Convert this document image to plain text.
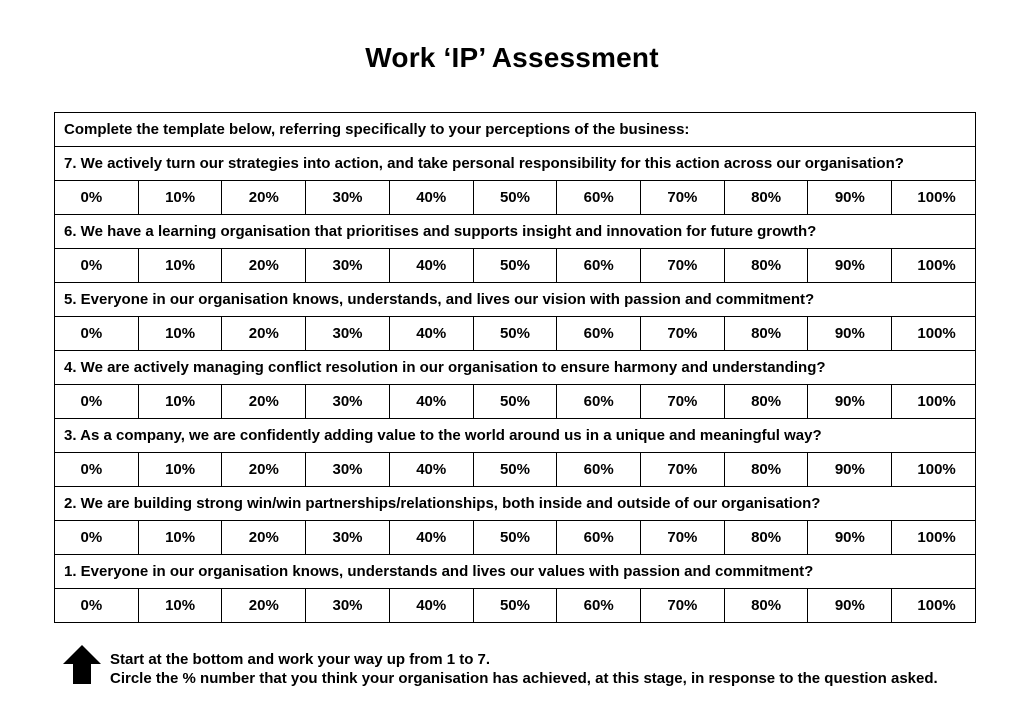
Work ‘IP’ Assessment
Complete the template below, referring specifically to your perceptions of the business:										
7. We actively turn our strategies into action, and take personal responsibility for this action across our organisation?										
0%	10%	20%	30%	40%	50%	60%	70%	80%	90%	100%
6. We have a learning organisation that prioritises and supports insight and innovation for future growth?										
0%	10%	20%	30%	40%	50%	60%	70%	80%	90%	100%
5. Everyone in our organisation knows, understands, and lives our vision with passion and commitment?										
0%	10%	20%	30%	40%	50%	60%	70%	80%	90%	100%
4. We are actively managing conflict resolution in our organisation to ensure harmony and understanding?										
0%	10%	20%	30%	40%	50%	60%	70%	80%	90%	100%
3. As a company, we are confidently adding value to the world around us in a unique and meaningful way?										
0%	10%	20%	30%	40%	50%	60%	70%	80%	90%	100%
2. We are building strong win/win partnerships/relationships, both inside and outside of our organisation?										
0%	10%	20%	30%	40%	50%	60%	70%	80%	90%	100%
1. Everyone in our organisation knows, understands and lives our values with passion and commitment?										
0%	10%	20%	30%	40%	50%	60%	70%	80%	90%	100%
Start at the bottom and work your way up from 1 to 7.
Circle the % number that you think your organisation has achieved, at this stage, in response to the question asked.
